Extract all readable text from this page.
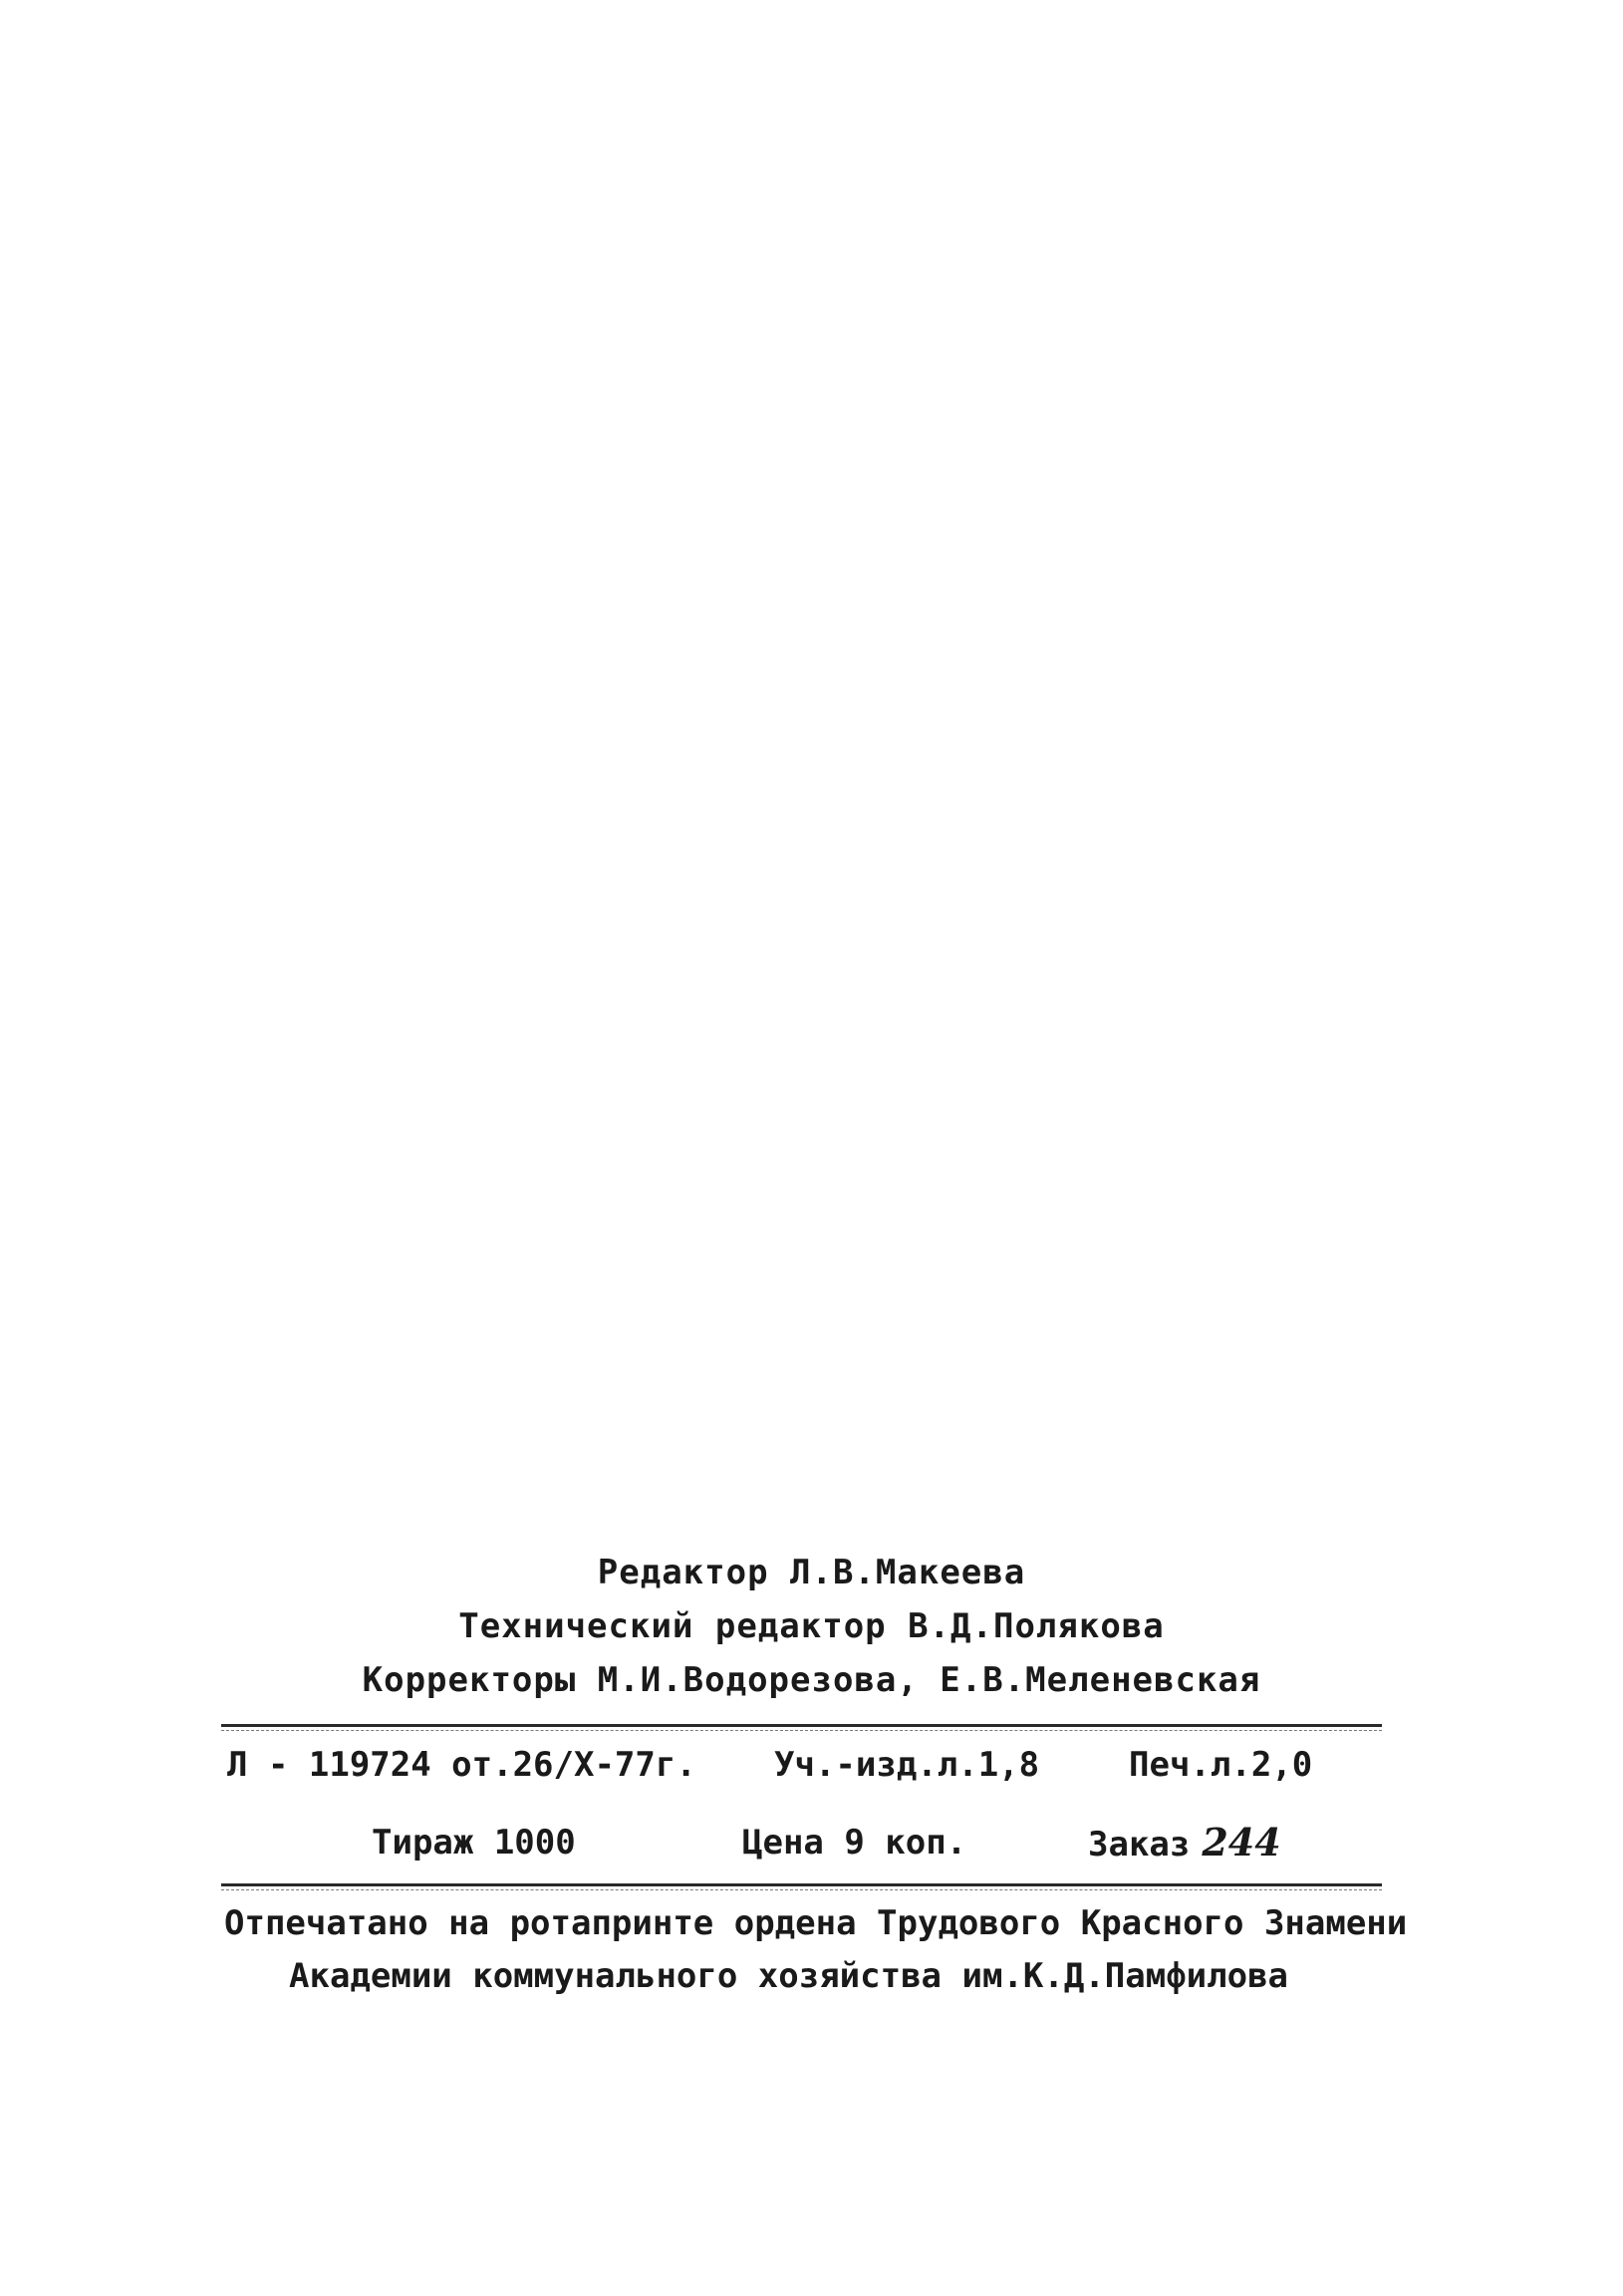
Редактор Л.В.Макеева
Технический редактор В.Д.Полякова
Корректоры М.И.Водорезова, Е.В.Меленевская
Л - 119724 от.26/X-77г. Уч.-изд.л.1,8	Печ.л.2,0
Тираж 1000	Цена 9 коп.	Заказ 244
Отпечатано на ротапринте ордена Трудового Красного Знамени
Академии коммунального хозяйства им.К.Д.Памфилова
